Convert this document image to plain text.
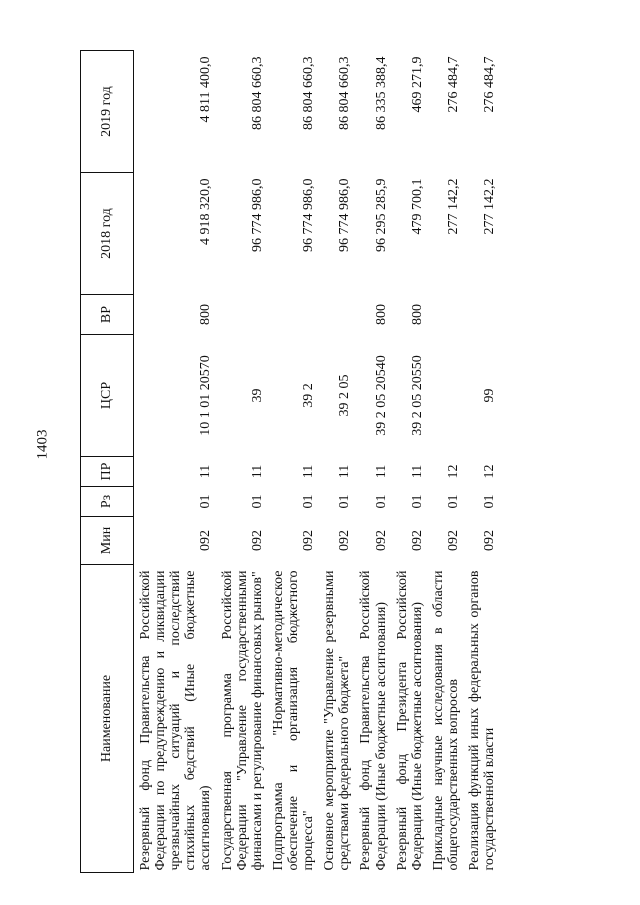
1403
Наименование	Мин	Рз	ПР	ЦСР	ВР	2018 год	2019 год
Резервный фонд Правительства Российской Федерации по предупреждению и ликвидации чрезвычайных ситуаций и последствий стихийных бедствий (Иные бюджетные ассигнования)	092	01	11	10 1 01 20570	800	4 918 320,0	4 811 400,0
Государственная программа Российской Федерации "Управление государственными финансами и регулирование финансовых рынков"	092	01	11	39		96 774 986,0	86 804 660,3
Подпрограмма "Нормативно-методическое обеспечение и организация бюджетного процесса"	092	01	11	39 2		96 774 986,0	86 804 660,3
Основное мероприятие "Управление резервными средствами федерального бюджета"	092	01	11	39 2 05		96 774 986,0	86 804 660,3
Резервный фонд Правительства Российской Федерации (Иные бюджетные ассигнования)	092	01	11	39 2 05 20540	800	96 295 285,9	86 335 388,4
Резервный фонд Президента Российской Федерации (Иные бюджетные ассигнования)	092	01	11	39 2 05 20550	800	479 700,1	469 271,9
Прикладные научные исследования в области общегосударственных вопросов	092	01	12			277 142,2	276 484,7
Реализация функций иных федеральных органов государственной власти	092	01	12	99		277 142,2	276 484,7
